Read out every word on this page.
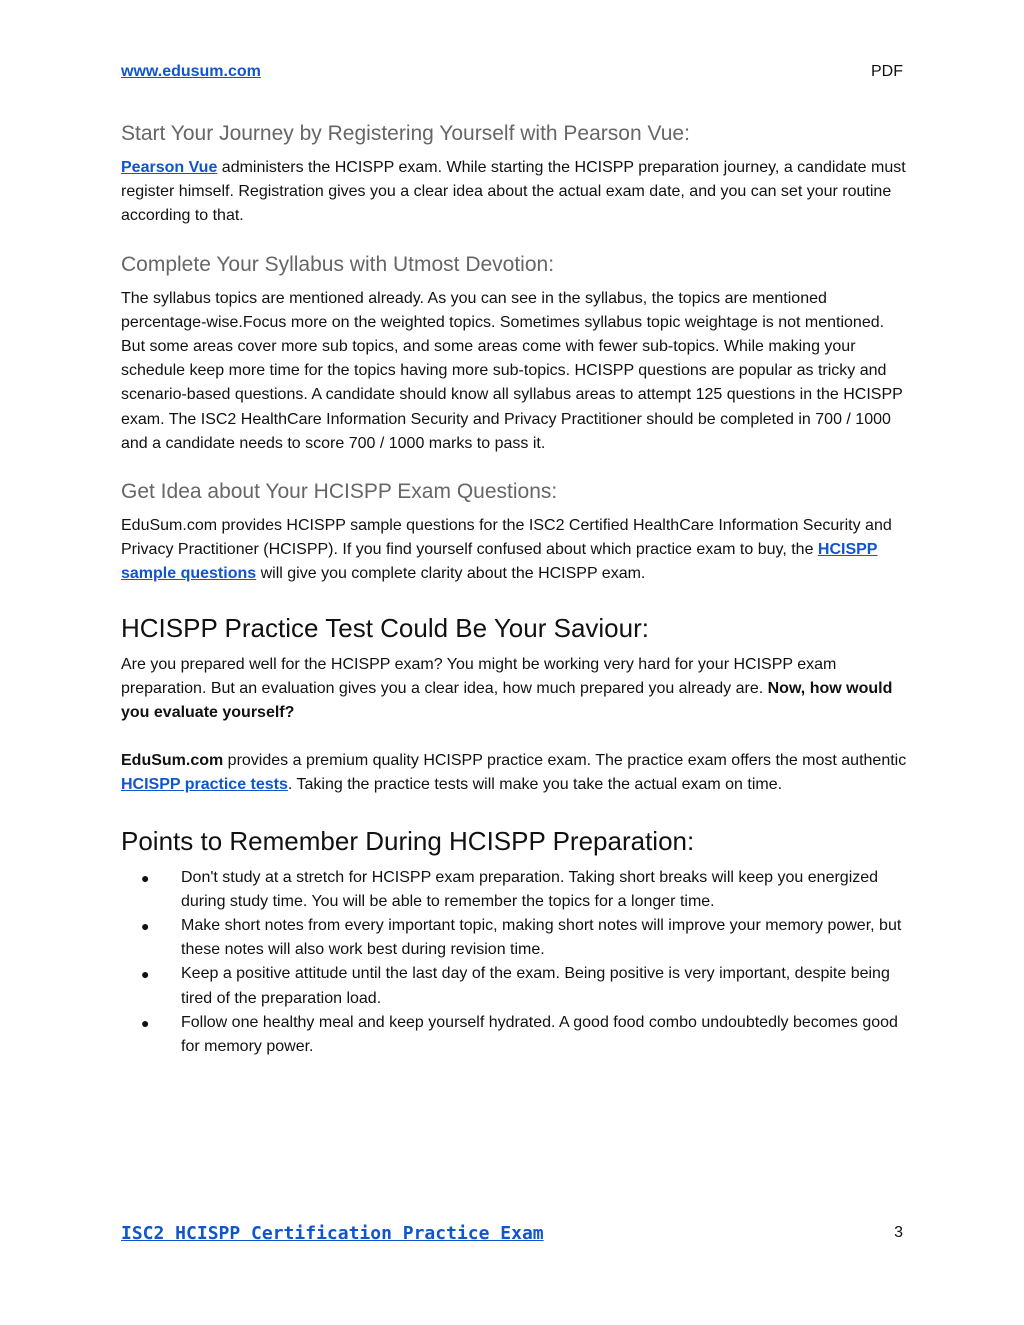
www.edusum.com	PDF
Start Your Journey by Registering Yourself with Pearson Vue:

Pearson Vue administers the HCISPP exam. While starting the HCISPP preparation journey, a candidate must register himself. Registration gives you a clear idea about the actual exam date, and you can set your routine according to that.

Complete Your Syllabus with Utmost Devotion:

The syllabus topics are mentioned already. As you can see in the syllabus, the topics are mentioned percentage-wise.Focus more on the weighted topics. Sometimes syllabus topic weightage is not mentioned. But some areas cover more sub topics, and some areas come with fewer sub-topics. While making your schedule keep more time for the topics having more sub-topics. HCISPP questions are popular as tricky and scenario-based questions. A candidate should know all syllabus areas to attempt 125 questions in the HCISPP exam. The ISC2 HealthCare Information Security and Privacy Practitioner should be completed in 700 / 1000 and a candidate needs to score 700 / 1000 marks to pass it.

Get Idea about Your HCISPP Exam Questions:

EduSum.com provides HCISPP sample questions for the ISC2 Certified HealthCare Information Security and Privacy Practitioner (HCISPP). If you find yourself confused about which practice exam to buy, the HCISPP sample questions will give you complete clarity about the HCISPP exam.

HCISPP Practice Test Could Be Your Saviour:

Are you prepared well for the HCISPP exam? You might be working very hard for your HCISPP exam preparation. But an evaluation gives you a clear idea, how much prepared you already are. Now, how would you evaluate yourself?

EduSum.com provides a premium quality HCISPP practice exam. The practice exam offers the most authentic HCISPP practice tests. Taking the practice tests will make you take the actual exam on time.

Points to Remember During HCISPP Preparation:
● Don't study at a stretch for HCISPP exam preparation. Taking short breaks will keep you energized during study time. You will be able to remember the topics for a longer time.
● Make short notes from every important topic, making short notes will improve your memory power, but these notes will also work best during revision time.
● Keep a positive attitude until the last day of the exam. Being positive is very important, despite being tired of the preparation load.
● Follow one healthy meal and keep yourself hydrated. A good food combo undoubtedly becomes good for memory power.
ISC2 HCISPP Certification Practice Exam	3
